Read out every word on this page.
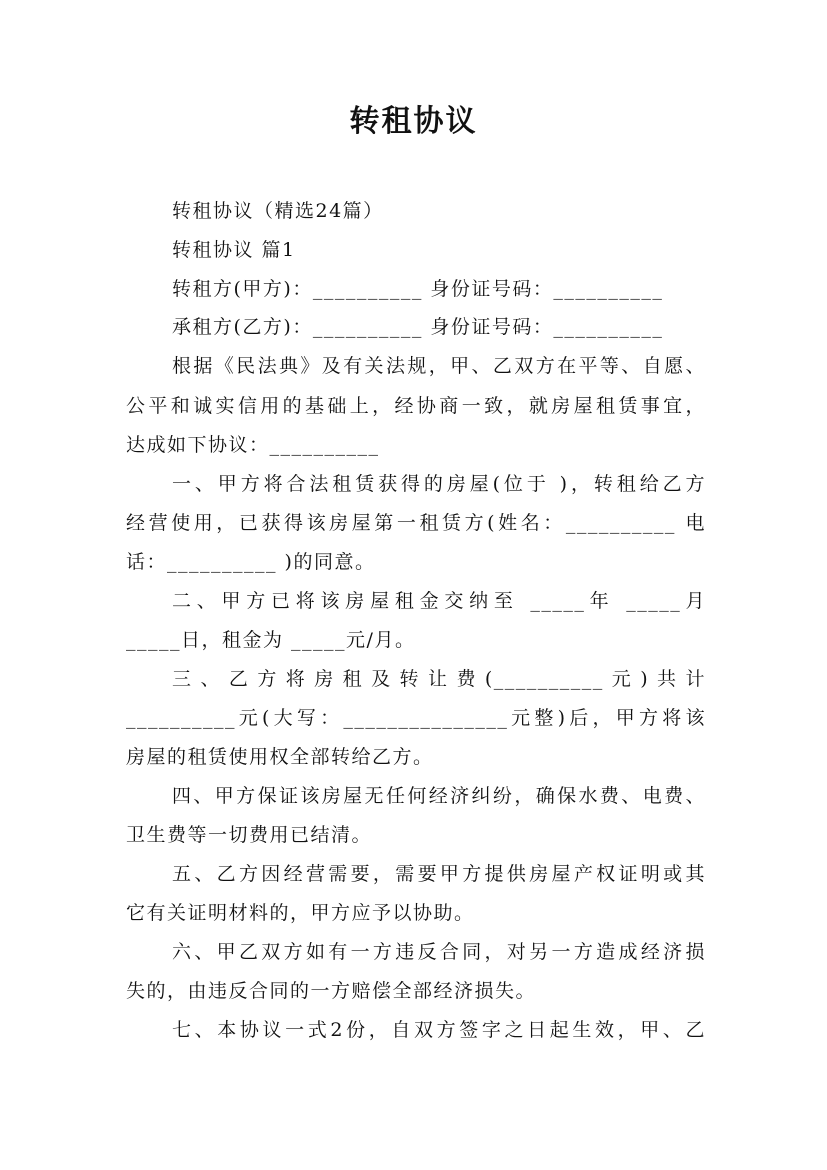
转租协议
转租协议（精选24篇）
转租协议 篇1
转租方(甲方)：__________ 身份证号码：__________
承租方(乙方)：__________ 身份证号码：__________
根据《民法典》及有关法规，甲、乙双方在平等、自愿、
公平和诚实信用的基础上，经协商一致，就房屋租赁事宜，
达成如下协议：__________
一、甲方将合法租赁获得的房屋(位于 )，转租给乙方
经营使用，已获得该房屋第一租赁方(姓名：__________ 电
话：__________ )的同意。
二、甲方已将该房屋租金交纳至 _____年 _____月
_____日，租金为 _____元/月。
三、乙方将房租及转让费(__________元)共计
__________元(大写：_______________元整)后，甲方将该
房屋的租赁使用权全部转给乙方。
四、甲方保证该房屋无任何经济纠纷，确保水费、电费、
卫生费等一切费用已结清。
五、乙方因经营需要，需要甲方提供房屋产权证明或其
它有关证明材料的，甲方应予以协助。
六、甲乙双方如有一方违反合同，对另一方造成经济损
失的，由违反合同的一方赔偿全部经济损失。
七、本协议一式2份，自双方签字之日起生效，甲、乙
